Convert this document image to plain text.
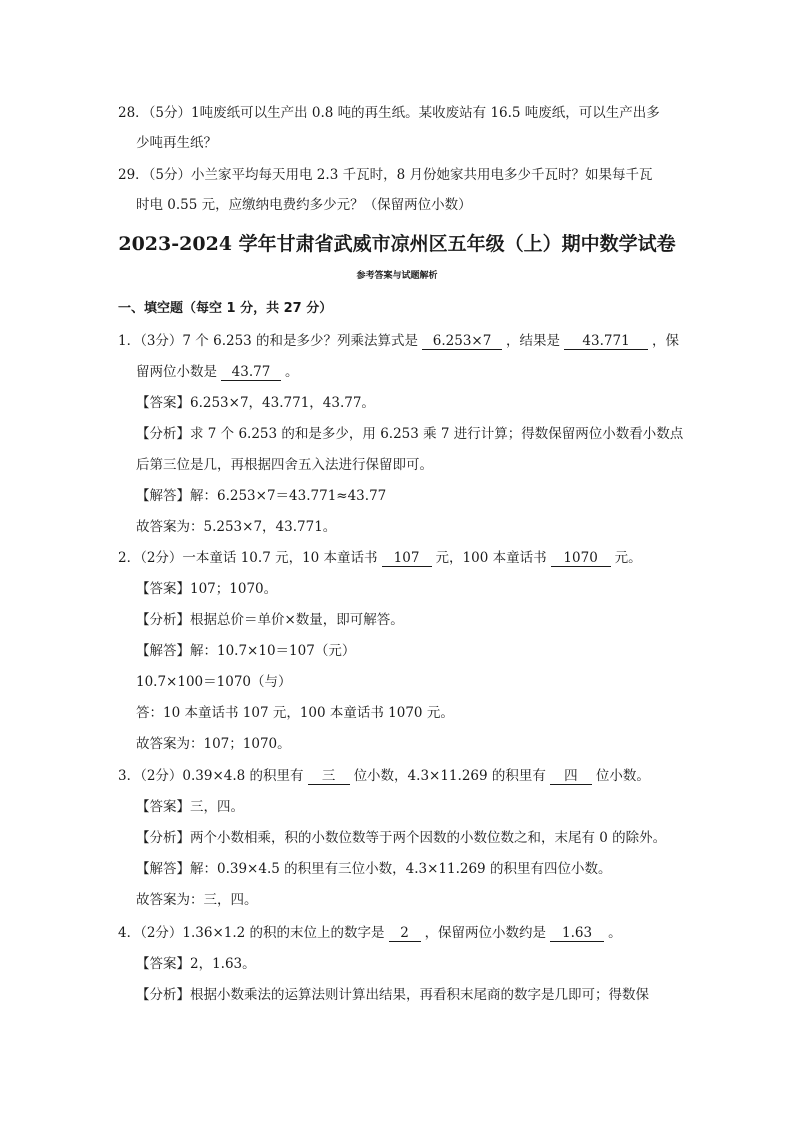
28．（5分）1吨废纸可以生产出 0.8 吨的再生纸。某收废站有 16.5 吨废纸，可以生产出多
少吨再生纸？
29．（5分）小兰家平均每天用电 2.3 千瓦时，8 月份她家共用电多少千瓦时？如果每千瓦
时电 0.55 元，应缴纳电费约多少元？（保留两位小数）
2023-2024 学年甘肃省武威市凉州区五年级（上）期中数学试卷
参考答案与试题解析
一、填空题（每空 1 分，共 27 分）
1．（3分）7 个 6.253 的和是多少？列乘法算式是 6.253×7 ，结果是 43.771 ，保
留两位小数是 43.77 。
【答案】6.253×7，43.771，43.77。
【分析】求 7 个 6.253 的和是多少，用 6.253 乘 7 进行计算；得数保留两位小数看小数点
后第三位是几，再根据四舍五入法进行保留即可。
【解答】解：6.253×7＝43.771≈43.77
故答案为：5.253×7，43.771。
2．（2分）一本童话 10.7 元，10 本童话书 107 元，100 本童话书 1070 元。
【答案】107；1070。
【分析】根据总价＝单价×数量，即可解答。
【解答】解：10.7×10＝107（元）
10.7×100＝1070（与）
答：10 本童话书 107 元，100 本童话书 1070 元。
故答案为：107；1070。
3．（2分）0.39×4.8 的积里有 三 位小数，4.3×11.269 的积里有 四 位小数。
【答案】三，四。
【分析】两个小数相乘，积的小数位数等于两个因数的小数位数之和，末尾有 0 的除外。
【解答】解：0.39×4.5 的积里有三位小数，4.3×11.269 的积里有四位小数。
故答案为：三，四。
4．（2分）1.36×1.2 的积的末位上的数字是 2 ，保留两位小数约是 1.63 。
【答案】2，1.63。
【分析】根据小数乘法的运算法则计算出结果，再看积末尾商的数字是几即可；得数保
